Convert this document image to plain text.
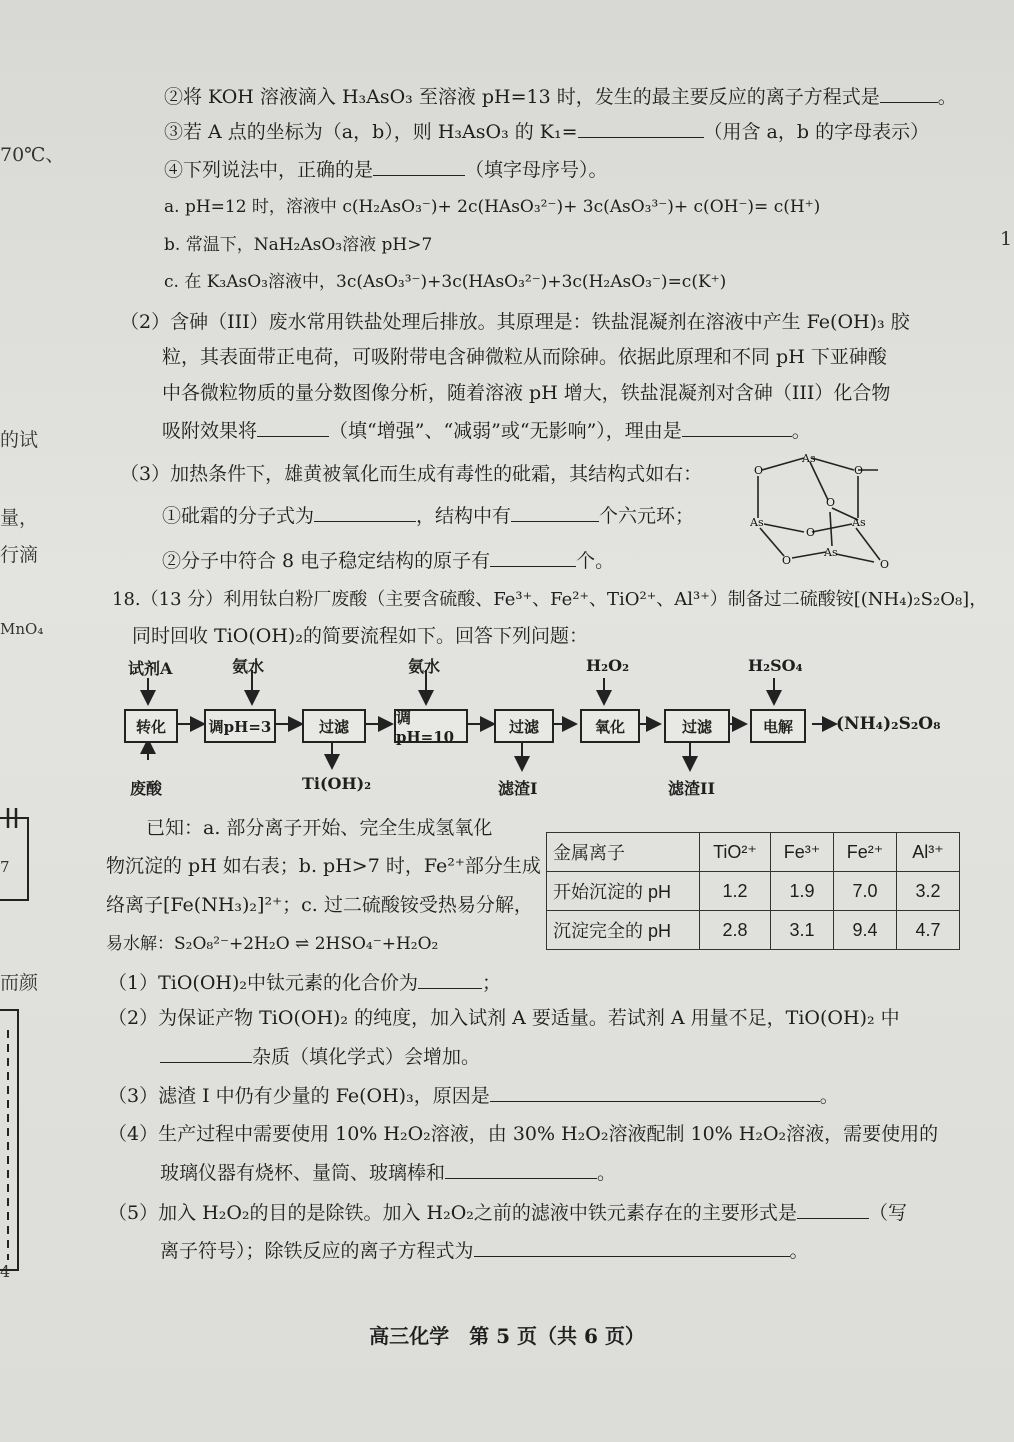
70℃、
的试
量，
行滴
MnO₄
7
而颜
4
1
②将 KOH 溶液滴入 H₃AsO₃ 至溶液 pH=13 时，发生的最主要反应的离子方程式是	。
③若 A 点的坐标为（a，b），则 H₃AsO₃ 的 K₁=	（用含 a，b 的字母表示）
④下列说法中，正确的是	（填字母序号）。
a. pH=12 时，溶液中 c(H₂AsO₃⁻)+ 2c(HAsO₃²⁻)+ 3c(AsO₃³⁻)+ c(OH⁻)= c(H⁺)
b. 常温下，NaH₂AsO₃溶液 pH>7
c. 在 K₃AsO₃溶液中，3c(AsO₃³⁻)+3c(HAsO₃²⁻)+3c(H₂AsO₃⁻)=c(K⁺)
（2）含砷（III）废水常用铁盐处理后排放。其原理是：铁盐混凝剂在溶液中产生 Fe(OH)₃ 胶
粒，其表面带正电荷，可吸附带电含砷微粒从而除砷。依据此原理和不同 pH 下亚砷酸
中各微粒物质的量分数图像分析，随着溶液 pH 增大，铁盐混凝剂对含砷（III）化合物
吸附效果将	（填“增强”、“减弱”或“无影响”），理由是	。
（3）加热条件下，雄黄被氧化而生成有毒性的砒霜，其结构式如右：
①砒霜的分子式为	，结构中有	个六元环；
②分子中符合 8 电子稳定结构的原子有	个。
As
O	O
O
As
O
As
O
As
O
18.（13 分）利用钛白粉厂废酸（主要含硫酸、Fe³⁺、Fe²⁺、TiO²⁺、Al³⁺）制备过二硫酸铵[(NH₄)₂S₂O₈]，
同时回收 TiO(OH)₂的简要流程如下。回答下列问题：
试剂A	氨水	氨水	H₂O₂	H₂SO₄
转化	调pH=3	过滤	调pH=10
过滤	氧化	过滤	电解	(NH₄)₂S₂O₈
废酸	Ti(OH)₂	滤渣I	滤渣II
已知：a. 部分离子开始、完全生成氢氧化
物沉淀的 pH 如右表；b. pH>7 时，Fe²⁺部分生成
络离子[Fe(NH₃)₂]²⁺；c. 过二硫酸铵受热易分解，
易水解：S₂O₈²⁻+2H₂O ⇌ 2HSO₄⁻+H₂O₂
金属离子	TiO²⁺	Fe³⁺	Fe²⁺	Al³⁺
开始沉淀的 pH	1.2	1.9	7.0	3.2
沉淀完全的 pH	2.8	3.1	9.4	4.7
（1）TiO(OH)₂中钛元素的化合价为	；
（2）为保证产物 TiO(OH)₂ 的纯度，加入试剂 A 要适量。若试剂 A 用量不足，TiO(OH)₂ 中
杂质（填化学式）会增加。
（3）滤渣 I 中仍有少量的 Fe(OH)₃，原因是	。
（4）生产过程中需要使用 10% H₂O₂溶液，由 30% H₂O₂溶液配制 10% H₂O₂溶液，需要使用的
玻璃仪器有烧杯、量筒、玻璃棒和	。
（5）加入 H₂O₂的目的是除铁。加入 H₂O₂之前的滤液中铁元素存在的主要形式是	（写
离子符号）；除铁反应的离子方程式为	。
高三化学　第 5 页（共 6 页）
